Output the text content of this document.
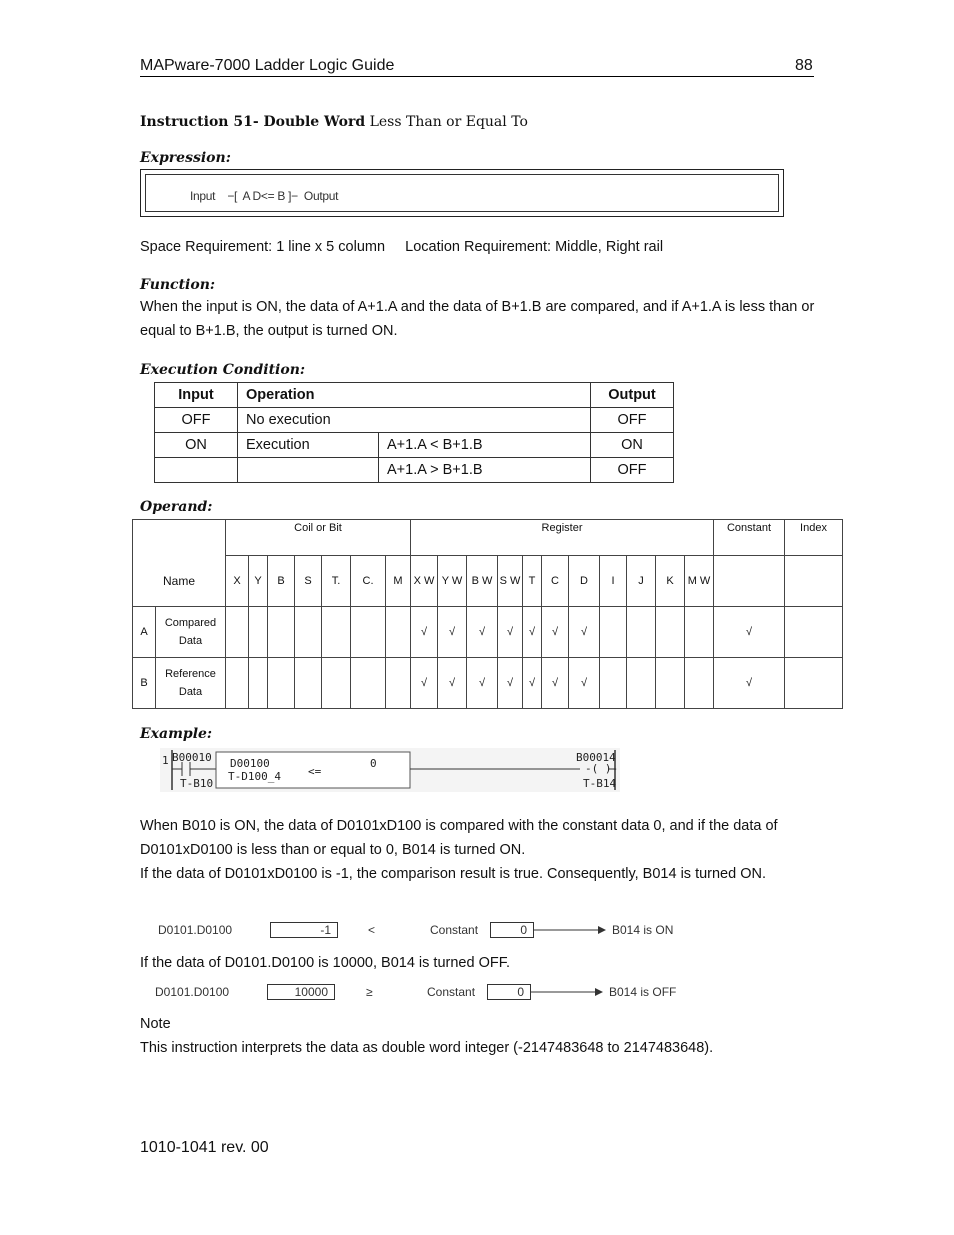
MAPware-7000 Ladder Logic Guide	88
Instruction 51- Double Word Less Than or Equal To
Expression:
Input    −[  A D<= B ]−  Output
Space Requirement: 1 line x 5 column     Location Requirement: Middle, Right rail
Function:
When the input is ON, the data of A+1.A and the data of B+1.B are compared, and if A+1.A is less than or equal to B+1.B, the output is turned ON.
Execution Condition:
Input	Operation		Output
OFF	No execution		OFF
ON	Execution	A+1.A < B+1.B	ON
		A+1.A > B+1.B	OFF
Operand:
		Coil or Bit							Register											Constant	Index
Name		X	Y	B	S	T.	C.	M	X W	Y W	B W	S W	T	C	D	I	J	K	M W		
A	Compared Data								√	√	√	√	√	√	√					√	
B	Reference Data								√	√	√	√	√	√	√					√	
Example:
1 B00010
T-B10
D00100
T-D100_4 <=
0	B00014
-( )-
T-B14
When B010 is ON, the data of D0101xD100 is compared with the constant data 0, and if the data of D0101xD0100 is less than or equal to 0, B014 is turned ON.
If the data of D0101xD0100 is -1, the comparison result is true. Consequently, B014 is turned ON.
D0101.D0100	-1	<	Constant	0	B014 is ON
If the data of D0101.D0100 is 10000, B014 is turned OFF.
D0101.D0100	10000	≥	Constant	0	B014 is OFF
Note
This instruction interprets the data as double word integer (-2147483648 to 2147483648).
1010-1041 rev. 00
